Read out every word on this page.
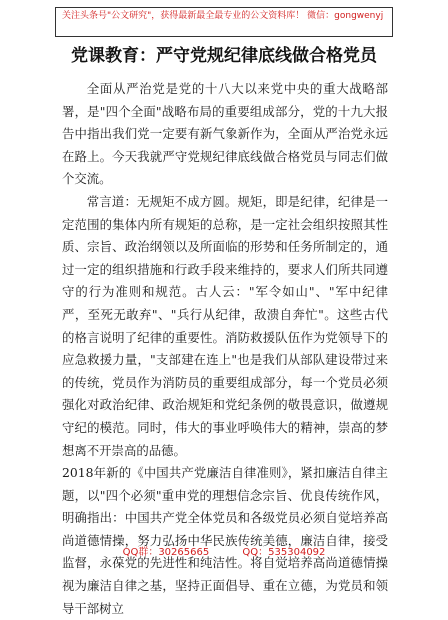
关注头条号"公文研究"，获得最新最全最专业的公文资料库！ 微信：gongwenyj
党课教育：严守党规纪律底线做合格党员

全面从严治党是党的十八大以来党中央的重大战略部署，是"四个全面"战略布局的重要组成部分，党的十九大报告中指出我们党一定要有新气象新作为，全面从严治党永远在路上。今天我就严守党规纪律底线做合格党员与同志们做个交流。

常言道：无规矩不成方圆。规矩，即是纪律，纪律是一定范围的集体内所有规矩的总称，是一定社会组织按照其性质、宗旨、政治纲领以及所面临的形势和任务所制定的，通过一定的组织措施和行政手段来维持的，要求人们所共同遵守的行为准则和规范。古人云："军令如山"、"军中纪律严，至死无敢弃"、"兵行从纪律，敌溃自奔忙"。这些古代的格言说明了纪律的重要性。消防救援队伍作为党领导下的应急救援力量，"支部建在连上"也是我们从部队建设带过来的传统，党员作为消防员的重要组成部分，每一个党员必须强化对政治纪律、政治规矩和党纪条例的敬畏意识，做遵规守纪的模范。同时，伟大的事业呼唤伟大的精神，崇高的梦想离不开崇高的品德。

2018年新的《中国共产党廉洁自律准则》，紧扣廉洁自律主题，以"四个必须"重申党的理想信念宗旨、优良传统作风，明确指出：中国共产党全体党员和各级党员必须自觉培养高尚道德情操，努力弘扬中华民族传统美德，廉洁自律，接受监督，永葆党的先进性和纯洁性。将自觉培养高尚道德情操视为廉洁自律之基，坚持正面倡导、重在立德，为党员和领导干部树立

QQ群：30265665	QQ：535304092
